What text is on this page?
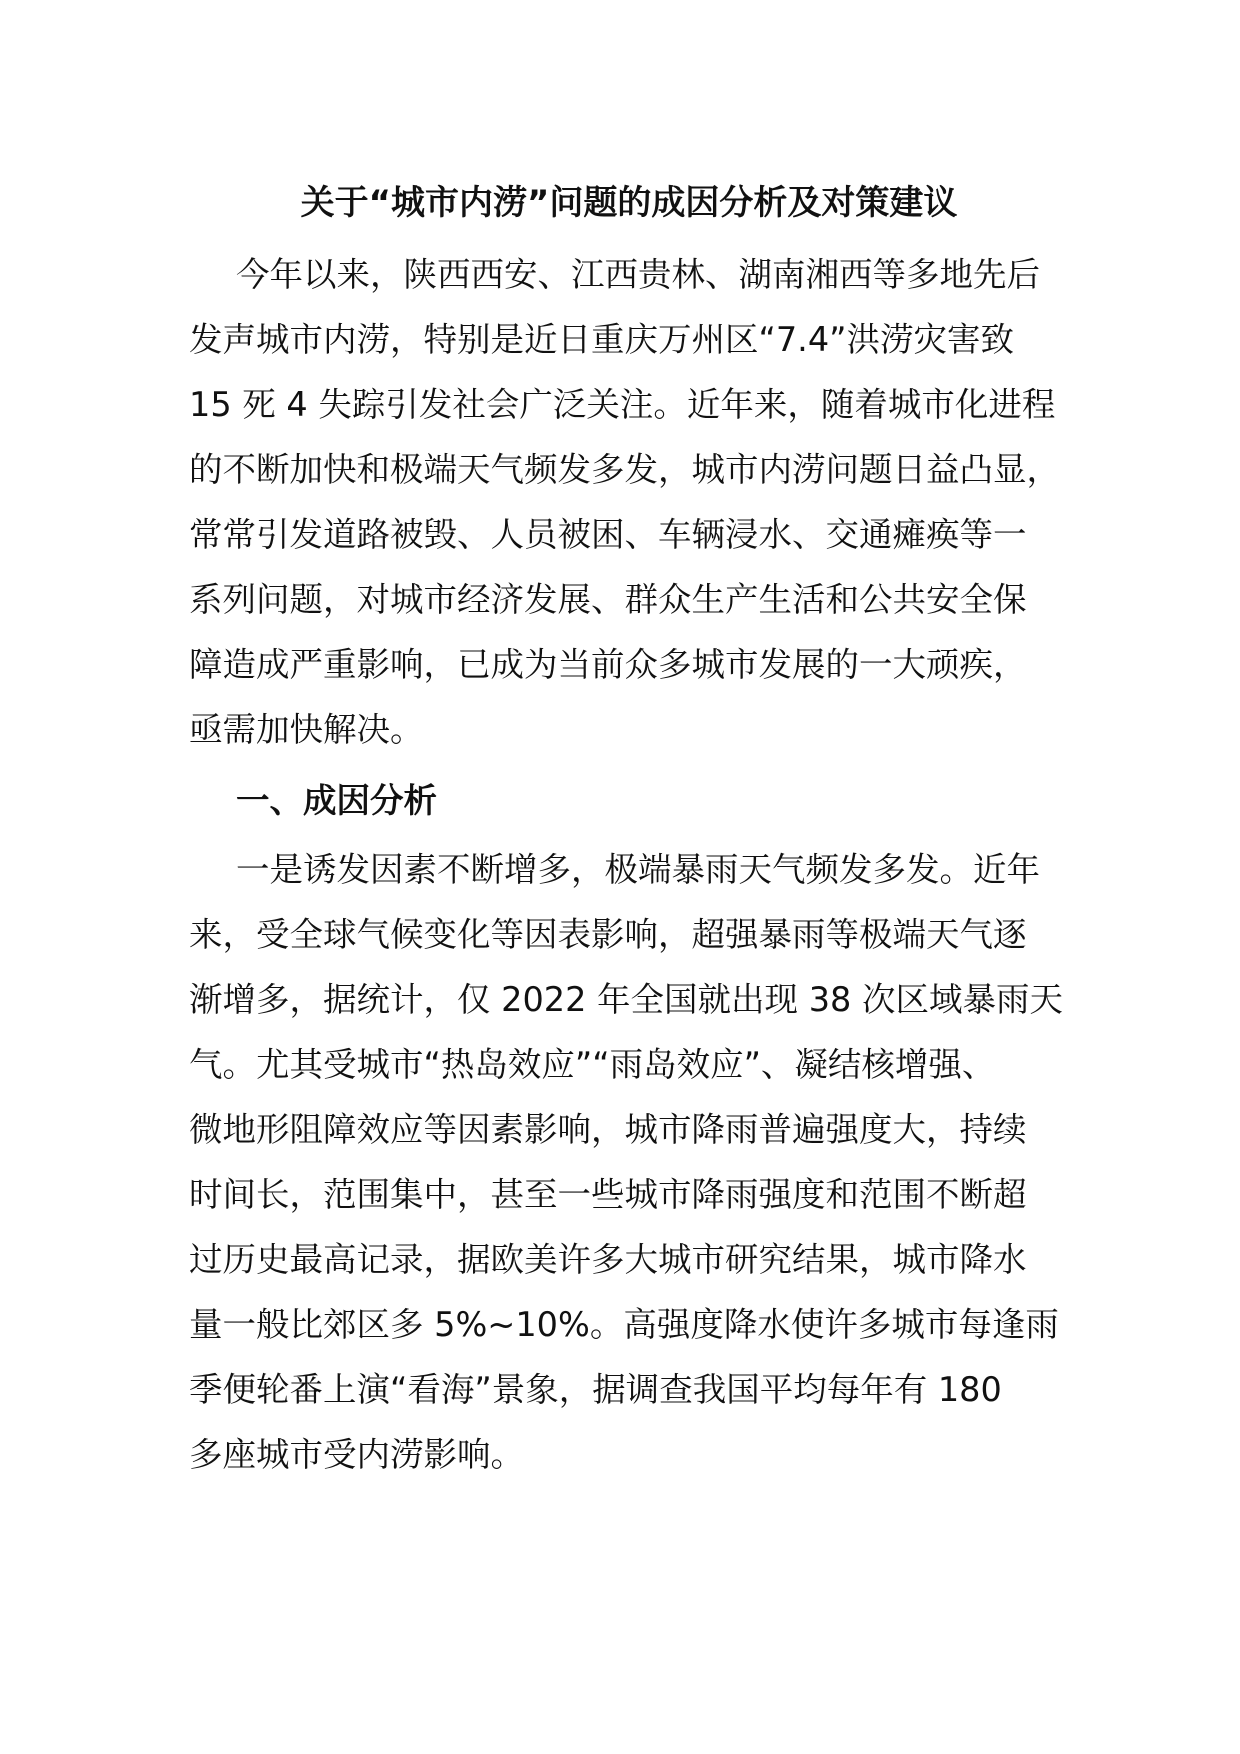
关于“城市内涝”问题的成因分析及对策建议
今年以来，陕西西安、江西贵林、湖南湘西等多地先后
发声城市内涝，特别是近日重庆万州区“7.4”洪涝灾害致
15 死 4 失踪引发社会广泛关注。近年来，随着城市化进程
的不断加快和极端天气频发多发，城市内涝问题日益凸显，
常常引发道路被毁、人员被困、车辆浸水、交通瘫痪等一
系列问题，对城市经济发展、群众生产生活和公共安全保
障造成严重影响，已成为当前众多城市发展的一大顽疾，
亟需加快解决。
一、成因分析
一是诱发因素不断增多，极端暴雨天气频发多发。近年
来，受全球气候变化等因表影响，超强暴雨等极端天气逐
渐增多，据统计，仅 2022 年全国就出现 38 次区域暴雨天
气。尤其受城市“热岛效应”“雨岛效应”、凝结核增强、
微地形阻障效应等因素影响，城市降雨普遍强度大，持续
时间长，范围集中，甚至一些城市降雨强度和范围不断超
过历史最高记录，据欧美许多大城市研究结果，城市降水
量一般比郊区多 5%~10%。高强度降水使许多城市每逢雨
季便轮番上演“看海”景象，据调查我国平均每年有 180
多座城市受内涝影响。
